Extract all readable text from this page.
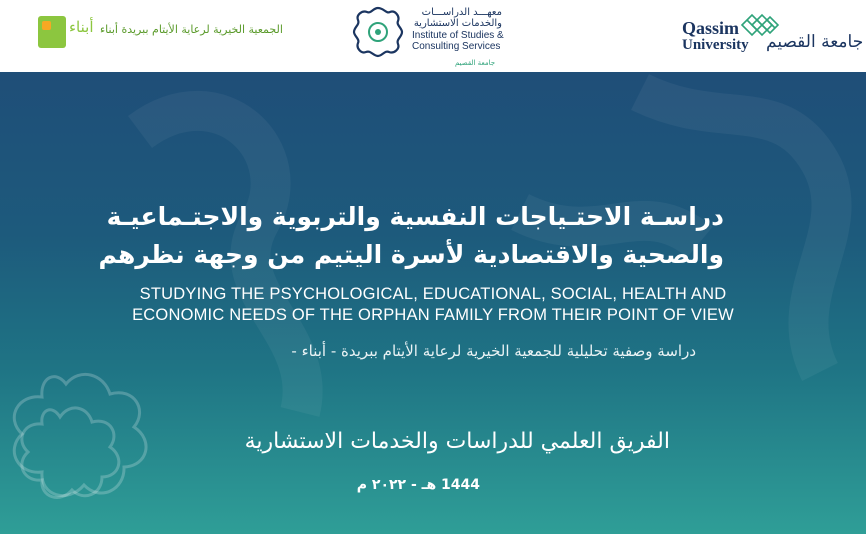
أبناء الجمعية الخيرية لرعاية الأيتام ببريدة أبناء
معهـــد الدراســـات والخدمات الاستشارية
Institute of Studies &
Consulting Services
جامعة القصيم
Qassim
University جامعة القصيم
دراسـة الاحتـياجات النفسية والتربوية والاجتـماعيـة
والصحية والاقتصادية لأسرة اليتيم من وجهة نظرهم
STUDYING THE PSYCHOLOGICAL, EDUCATIONAL, SOCIAL, HEALTH AND
ECONOMIC NEEDS OF THE ORPHAN FAMILY FROM THEIR POINT OF VIEW
دراسة وصفية تحليلية للجمعية الخيرية لرعاية الأيتام ببريدة - أبناء -
الفريق العلمي للدراسات والخدمات الاستشارية
1444 هـ - ٢٠٢٢ م
